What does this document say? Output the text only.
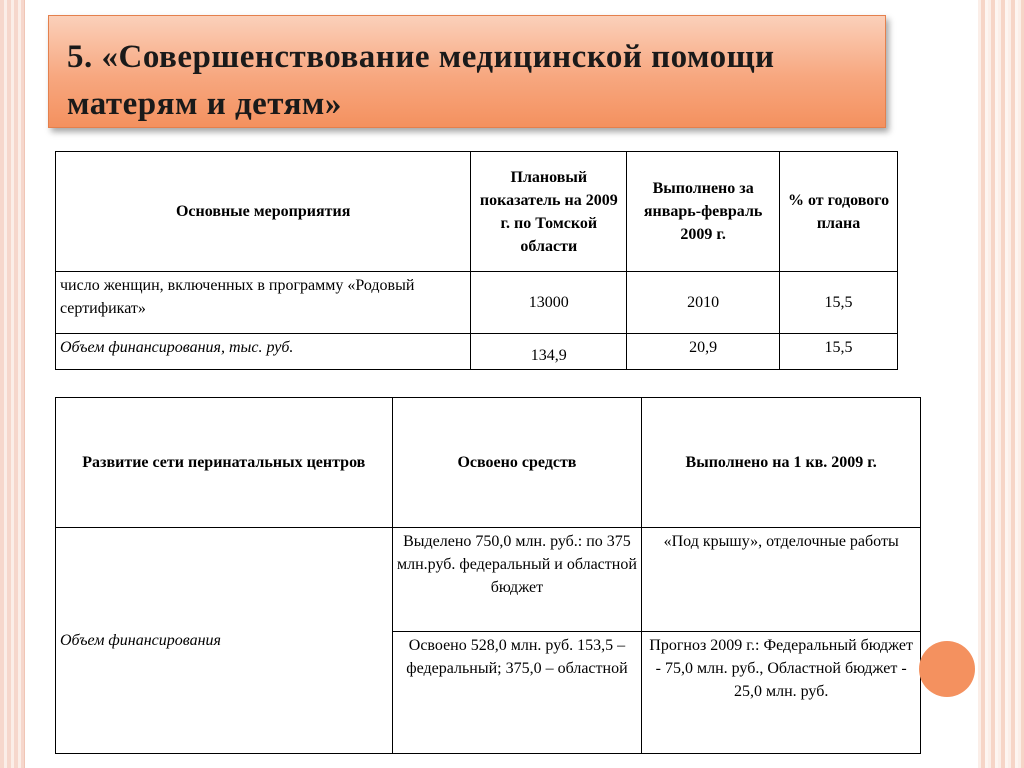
5. «Совершенствование медицинской помощи матерям и детям»
Основные мероприятия	Плановый показатель на 2009 г. по Томской области	Выполнено за январь-февраль 2009 г.	% от годового плана
число женщин, включенных в программу «Родовый сертификат»	13000	2010	15,5
Объем финансирования, тыс. руб.	134,9	20,9	15,5
Развитие сети перинатальных центров	Освоено средств	Выполнено на 1 кв. 2009 г.
Объем финансирования	Выделено 750,0 млн. руб.: по 375 млн.руб. федеральный и областной бюджет	«Под крышу», отделочные работы
	Освоено 528,0 млн. руб. 153,5 – федеральный; 375,0 – областной	Прогноз 2009 г.: Федеральный бюджет - 75,0 млн. руб., Областной бюджет - 25,0 млн. руб.
